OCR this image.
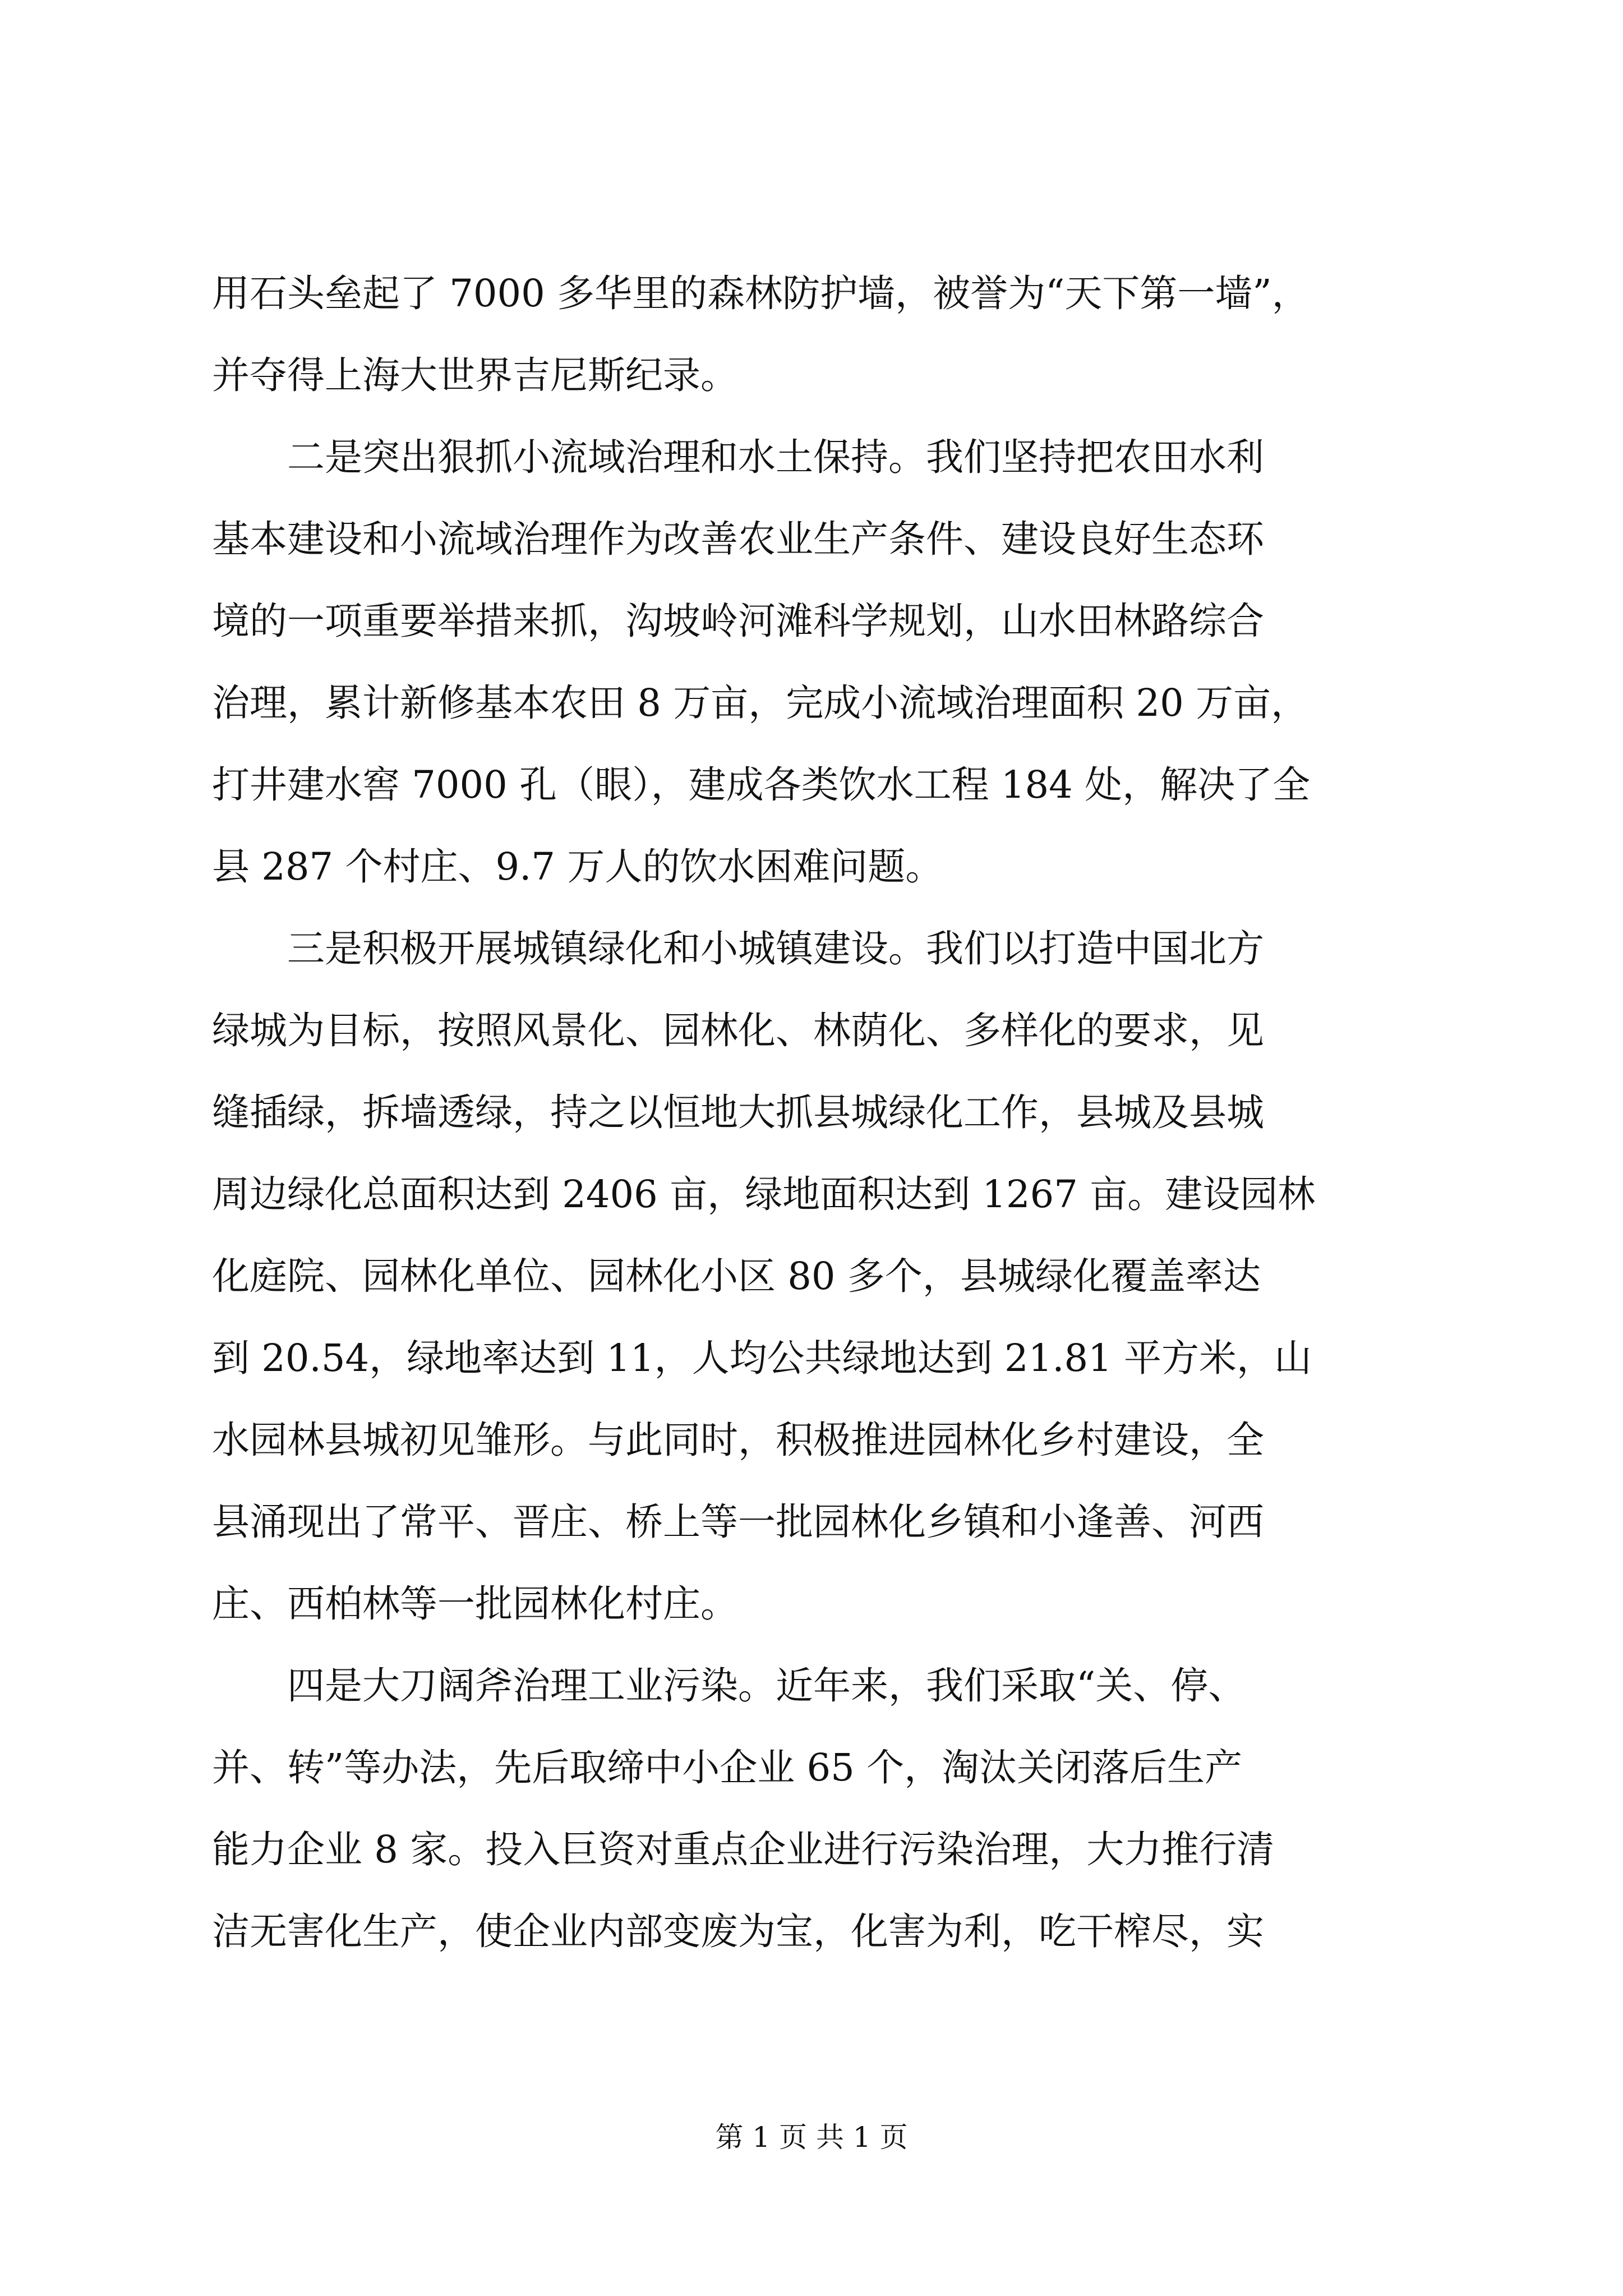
用石头垒起了 7000 多华里的森林防护墙，被誉为“天下第一墙”，
并夺得上海大世界吉尼斯纪录。
　　二是突出狠抓小流域治理和水土保持。我们坚持把农田水利
基本建设和小流域治理作为改善农业生产条件、建设良好生态环
境的一项重要举措来抓，沟坡岭河滩科学规划，山水田林路综合
治理，累计新修基本农田 8 万亩，完成小流域治理面积 20 万亩，
打井建水窖 7000 孔（眼），建成各类饮水工程 184 处，解决了全
县 287 个村庄、9.7 万人的饮水困难问题。
　　三是积极开展城镇绿化和小城镇建设。我们以打造中国北方
绿城为目标，按照风景化、园林化、林荫化、多样化的要求，见
缝插绿，拆墙透绿，持之以恒地大抓县城绿化工作，县城及县城
周边绿化总面积达到 2406 亩，绿地面积达到 1267 亩。建设园林
化庭院、园林化单位、园林化小区 80 多个，县城绿化覆盖率达
到 20.54，绿地率达到 11，人均公共绿地达到 21.81 平方米，山
水园林县城初见雏形。与此同时，积极推进园林化乡村建设，全
县涌现出了常平、晋庄、桥上等一批园林化乡镇和小逢善、河西
庄、西柏林等一批园林化村庄。
　　四是大刀阔斧治理工业污染。近年来，我们采取“关、停、
并、转”等办法，先后取缔中小企业 65 个，淘汰关闭落后生产
能力企业 8 家。投入巨资对重点企业进行污染治理，大力推行清
洁无害化生产，使企业内部变废为宝，化害为利，吃干榨尽，实
第 1 页 共 1 页
